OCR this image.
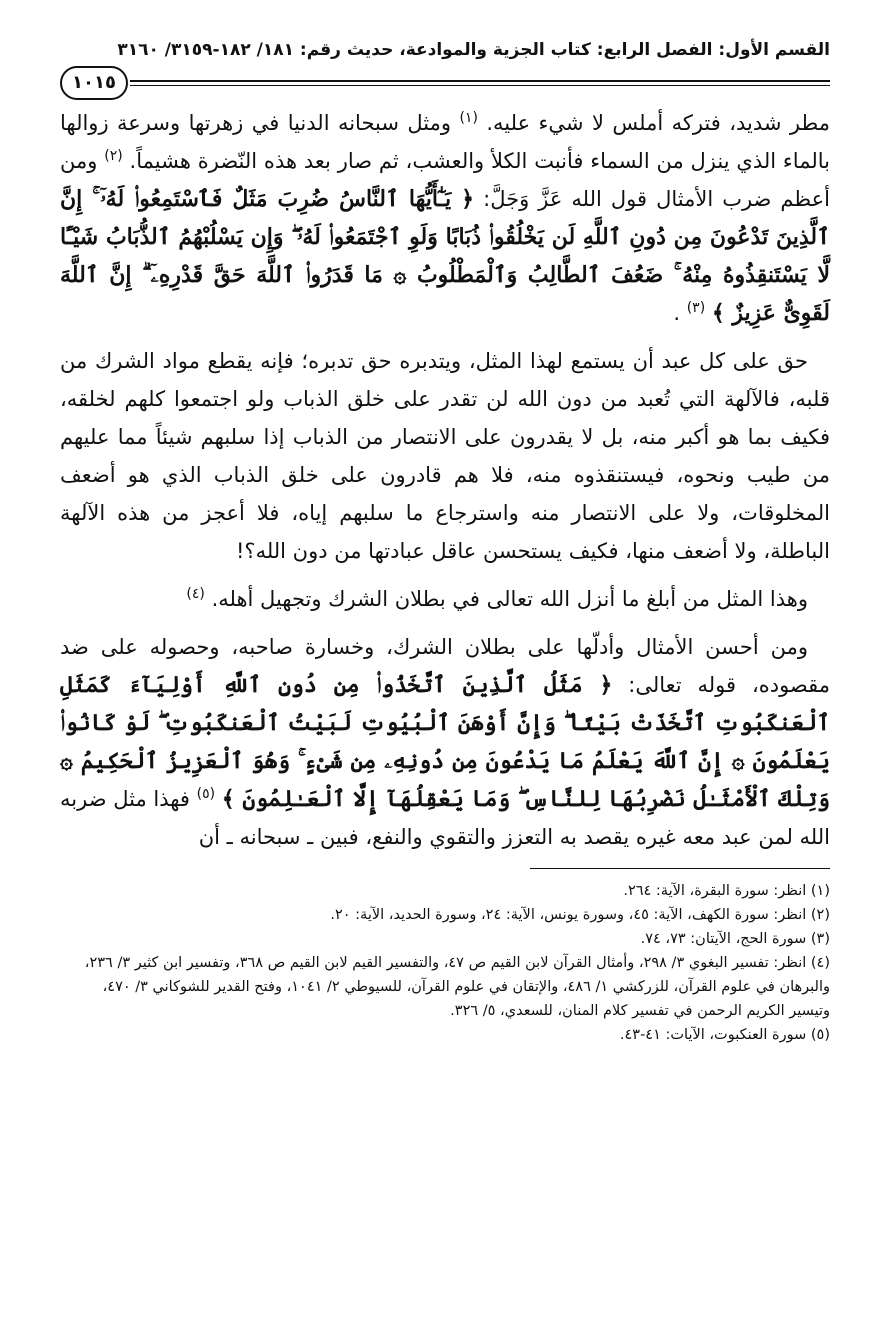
القسم الأول: الفصل الرابع: كتاب الجزية والموادعة، حديث رقم: ١٨١/ ١٨٢-٣١٥٩/ ٣١٦٠

١٠١٥

مطر شديد، فتركه أملس لا شيء عليه. $^{(١)}$ ومثل سبحانه الدنيا في زهرتها وسرعة زوالها بالماء الذي ينزل من السماء فأنبت الكلأ والعشب، ثم صار بعد هذه النّضرة هشيماً. $^{(٢)}$ ومن أعظم ضرب الأمثال قول الله عَزَّ وَجَلَّ: ﴿ يَـٰٓأَيُّهَا ٱلنَّاسُ ضُرِبَ مَثَلٌ فَٱسْتَمِعُوا۟ لَهُۥٓ ۚ إِنَّ ٱلَّذِينَ تَدْعُونَ مِن دُونِ ٱللَّهِ لَن يَخْلُقُوا۟ ذُبَابًا وَلَوِ ٱجْتَمَعُوا۟ لَهُۥ ۖ وَإِن يَسْلُبْهُمُ ٱلذُّبَابُ شَيْـًٔا لَّا يَسْتَنقِذُوهُ مِنْهُ ۚ ضَعُفَ ٱلطَّالِبُ وَٱلْمَطْلُوبُ ۞ مَا قَدَرُوا۟ ٱللَّهَ حَقَّ قَدْرِهِۦٓ ۗ إِنَّ ٱللَّهَ لَقَوِىٌّ عَزِيزٌ ﴾ $^{(٣)}$ .

حق على كل عبد أن يستمع لهذا المثل، ويتدبره حق تدبره؛ فإنه يقطع مواد الشرك من قلبه، فالآلهة التي تُعبد من دون الله لن تقدر على خلق الذباب ولو اجتمعوا كلهم لخلقه، فكيف بما هو أكبر منه، بل لا يقدرون على الانتصار من الذباب إذا سلبهم شيئاً مما عليهم من طيب ونحوه، فيستنقذوه منه، فلا هم قادرون على خلق الذباب الذي هو أضعف المخلوقات، ولا على الانتصار منه واسترجاع ما سلبهم إياه، فلا أعجز من هذه الآلهة الباطلة، ولا أضعف منها، فكيف يستحسن عاقل عبادتها من دون الله؟!

وهذا المثل من أبلغ ما أنزل الله تعالى في بطلان الشرك وتجهيل أهله. $^{(٤)}$

ومن أحسن الأمثال وأدلّها على بطلان الشرك، وخسارة صاحبه، وحصوله على ضد مقصوده، قوله تعالى: ﴿ مَثَلُ ٱلَّذِينَ ٱتَّخَذُوا۟ مِن دُونِ ٱللَّهِ أَوْلِيَآءَ كَمَثَلِ ٱلْعَنكَبُوتِ ٱتَّخَذَتْ بَيْتًا ۖ وَإِنَّ أَوْهَنَ ٱلْبُيُوتِ لَبَيْتُ ٱلْعَنكَبُوتِ ۖ لَوْ كَانُوا۟ يَعْلَمُونَ ۞ إِنَّ ٱللَّهَ يَعْلَمُ مَا يَدْعُونَ مِن دُونِهِۦ مِن شَىْءٍ ۚ وَهُوَ ٱلْعَزِيزُ ٱلْحَكِيمُ ۞ وَتِلْكَ ٱلْأَمْثَـٰلُ نَضْرِبُهَا لِلنَّاسِ ۖ وَمَا يَعْقِلُهَآ إِلَّا ٱلْعَـٰلِمُونَ ﴾ $^{(٥)}$ فهذا مثل ضربه الله لمن عبد معه غيره يقصد به التعزز والتقوي والنفع، فبين ـ سبحانه ـ أن

(١) انظر: سورة البقرة، الآية: ٢٦٤.

(٢) انظر: سورة الكهف، الآية: ٤٥، وسورة يونس، الآية: ٢٤، وسورة الحديد، الآية: ٢٠.

(٣) سورة الحج، الآيتان: ٧٣، ٧٤.

(٤) انظر: تفسير البغوي ٣/ ٢٩٨، وأمثال القرآن لابن القيم ص ٤٧، والتفسير القيم لابن القيم ص ٣٦٨، وتفسير ابن كثير ٣/ ٢٣٦، والبرهان في علوم القرآن، للزركشي ١/ ٤٨٦، والإتقان في علوم القرآن، للسيوطي ٢/ ١٠٤١، وفتح القدير للشوكاني ٣/ ٤٧٠، وتيسير الكريم الرحمن في تفسير كلام المنان، للسعدي، ٥/ ٣٢٦.

(٥) سورة العنكبوت، الآيات: ٤١-٤٣.
